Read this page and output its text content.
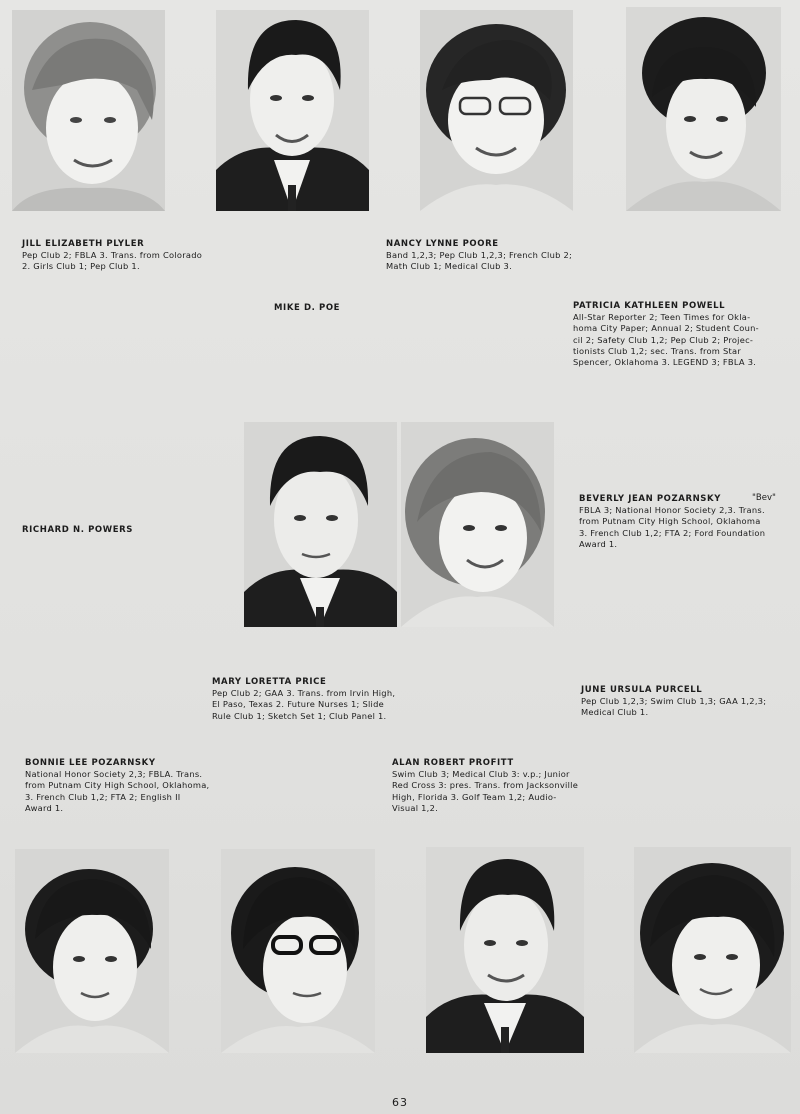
JILL ELIZABETH PLYLER
Pep Club 2; FBLA 3. Trans. from Colorado
2. Girls Club 1; Pep Club 1.
MIKE D. POE
NANCY LYNNE POORE
Band 1,2,3; Pep Club 1,2,3; French Club 2;
Math Club 1; Medical Club 3.
PATRICIA KATHLEEN POWELL
All-Star Reporter 2; Teen Times for Okla-
homa City Paper; Annual 2; Student Coun-
cil 2; Safety Club 1,2; Pep Club 2; Projec-
tionists Club 1,2; sec. Trans. from Star
Spencer, Oklahoma 3. LEGEND 3; FBLA 3.
RICHARD N. POWERS
BEVERLY JEAN POZARNSKY	"Bev"
FBLA 3; National Honor Society 2,3. Trans.
from Putnam City High School, Oklahoma
3. French Club 1,2; FTA 2; Ford Foundation
Award 1.
MARY LORETTA PRICE
Pep Club 2; GAA 3. Trans. from Irvin High,
El Paso, Texas 2. Future Nurses 1; Slide
Rule Club 1; Sketch Set 1; Club Panel 1.
JUNE URSULA PURCELL
Pep Club 1,2,3; Swim Club 1,3; GAA 1,2,3;
Medical Club 1.
BONNIE LEE POZARNSKY
National Honor Society 2,3; FBLA. Trans.
from Putnam City High School, Oklahoma,
3. French Club 1,2; FTA 2; English II
Award 1.
ALAN ROBERT PROFITT
Swim Club 3; Medical Club 3: v.p.; Junior
Red Cross 3: pres. Trans. from Jacksonville
High, Florida 3. Golf Team 1,2; Audio-
Visual 1,2.
63
